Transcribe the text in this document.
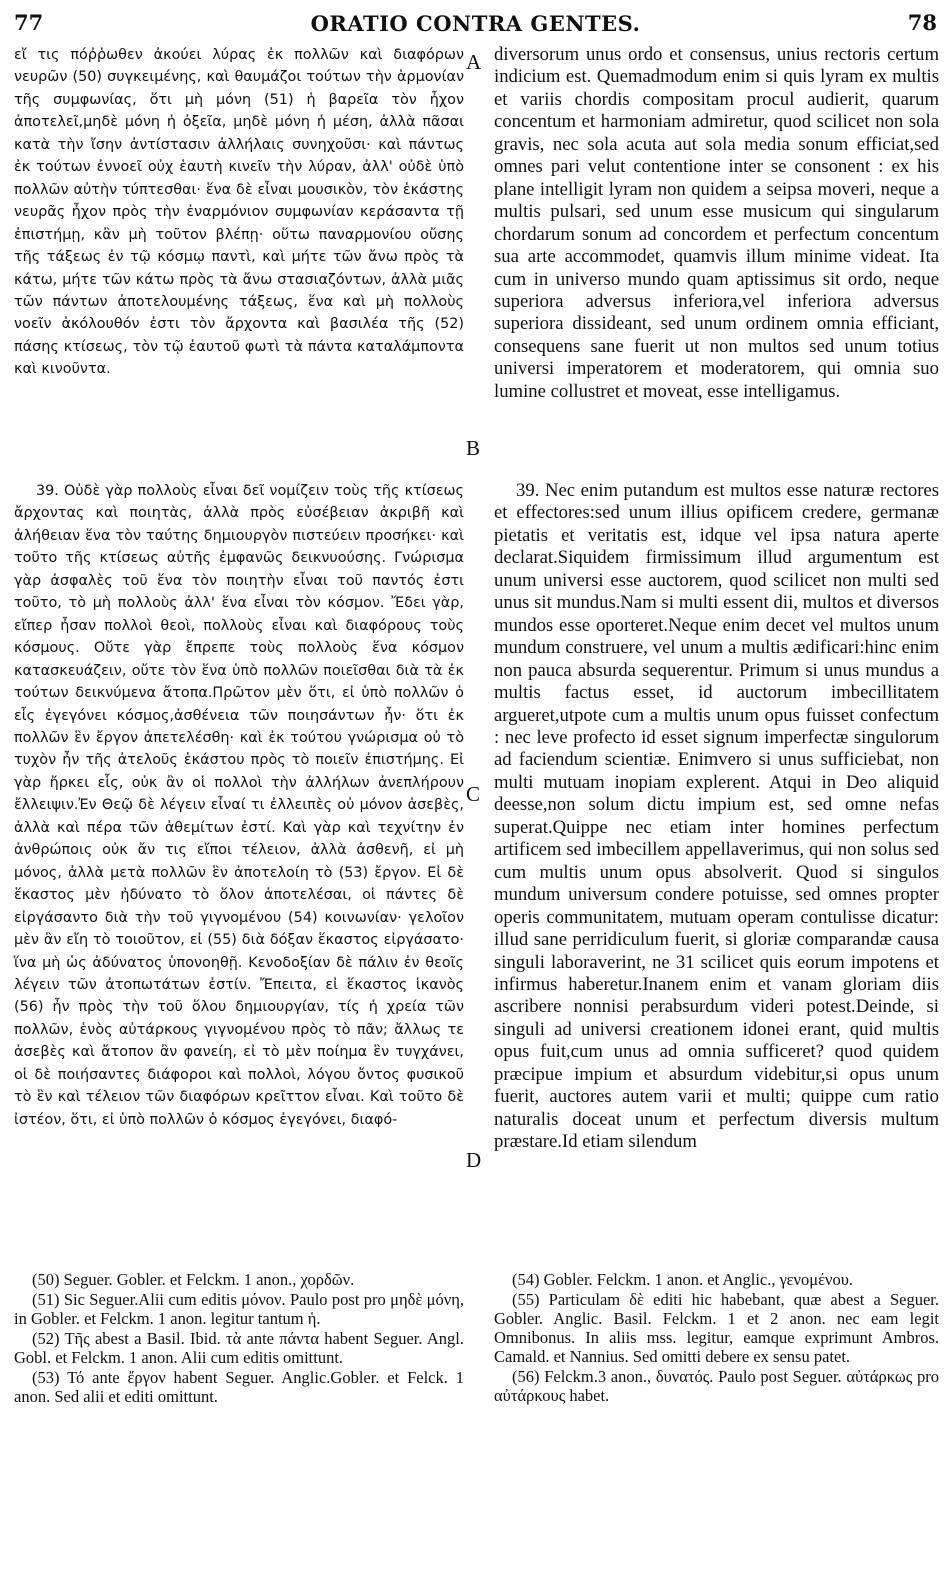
77	ORATIO CONTRA GENTES.	78

εἴ τις πόῤῥωθεν ἀκούει λύρας ἐκ πολλῶν καὶ διαφόρων νευρῶν (50) συγκειμένης, καὶ θαυμάζοι τούτων τὴν ἁρμονίαν τῆς συμφωνίας, ὅτι μὴ μόνη (51) ἡ βαρεῖα τὸν ἦχον ἀποτελεῖ,μηδὲ μόνη ἡ ὀξεῖα, μηδὲ μόνη ἡ μέση, ἀλλὰ πᾶσαι κατὰ τὴν ἴσην ἀντίστασιν ἀλλήλαις συνηχοῦσι· καὶ πάντως ἐκ τούτων ἐννοεῖ οὐχ ἑαυτὴ κινεῖν τὴν λύραν, ἀλλ' οὐδὲ ὑπὸ πολλῶν αὐτὴν τύπτεσθαι· ἕνα δὲ εἶναι μουσικὸν, τὸν ἑκάστης νευρᾶς ἦχον πρὸς τὴν ἐναρμόνιον συμφωνίαν κεράσαντα τῇ ἐπιστήμῃ, κἂν μὴ τοῦτον βλέπῃ· οὕτω παναρμονίου οὔσης τῆς τάξεως ἐν τῷ κόσμῳ παντὶ, καὶ μήτε τῶν ἄνω πρὸς τὰ κάτω, μήτε τῶν κάτω πρὸς τὰ ἄνω στασιαζόντων, ἀλλὰ μιᾶς τῶν πάντων ἀποτελουμένης τάξεως, ἕνα καὶ μὴ πολλοὺς νοεῖν ἀκόλουθόν ἐστι τὸν ἄρχοντα καὶ βασιλέα τῆς (52) πάσης κτίσεως, τὸν τῷ ἑαυτοῦ φωτὶ τὰ πάντα καταλάμποντα καὶ κινοῦντα.

39. Οὐδὲ γὰρ πολλοὺς εἶναι δεῖ νομίζειν τοὺς τῆς κτίσεως ἄρχοντας καὶ ποιητὰς, ἀλλὰ πρὸς εὐσέβειαν ἀκριβῆ καὶ ἀλήθειαν ἕνα τὸν ταύτης δημιουργὸν πιστεύειν προσήκει· καὶ τοῦτο τῆς κτίσεως αὐτῆς ἐμφανῶς δεικνυούσης. Γνώρισμα γὰρ ἀσφαλὲς τοῦ ἕνα τὸν ποιητὴν εἶναι τοῦ παντός ἐστι τοῦτο, τὸ μὴ πολλοὺς ἀλλ' ἕνα εἶναι τὸν κόσμον. Ἔδει γὰρ, εἴπερ ἦσαν πολλοὶ θεοὶ, πολλοὺς εἶναι καὶ διαφόρους τοὺς κόσμους. Οὔτε γὰρ ἔπρεπε τοὺς πολλοὺς ἕνα κόσμον κατασκευάζειν, οὔτε τὸν ἕνα ὑπὸ πολλῶν ποιεῖσθαι διὰ τὰ ἐκ τούτων δεικνύμενα ἄτοπα.Πρῶτον μὲν ὅτι, εἰ ὑπὸ πολλῶν ὁ εἷς ἐγεγόνει κόσμος,ἀσθένεια τῶν ποιησάντων ἦν· ὅτι ἐκ πολλῶν ἓν ἔργον ἀπετελέσθη· καὶ ἐκ τούτου γνώρισμα οὐ τὸ τυχὸν ἦν τῆς ἀτελοῦς ἑκάστου πρὸς τὸ ποιεῖν ἐπιστήμης. Εἰ γὰρ ἤρκει εἷς, οὐκ ἂν οἱ πολλοὶ τὴν ἀλλήλων ἀνεπλήρουν ἔλλειψιν.Ἐν Θεῷ δὲ λέγειν εἶναί τι ἐλλειπὲς οὐ μόνον ἀσεβὲς, ἀλλὰ καὶ πέρα τῶν ἀθεμίτων ἐστί. Καὶ γὰρ καὶ τεχνίτην ἐν ἀνθρώποις οὐκ ἄν τις εἴποι τέλειον, ἀλλὰ ἀσθενῆ, εἰ μὴ μόνος, ἀλλὰ μετὰ πολλῶν ἓν ἀποτελοίη τὸ (53) ἔργον. Εἰ δὲ ἕκαστος μὲν ἠδύνατο τὸ ὅλον ἀποτελέσαι, οἱ πάντες δὲ εἰργάσαντο διὰ τὴν τοῦ γιγνομένου (54) κοινωνίαν· γελοῖον μὲν ἂν εἴη τὸ τοιοῦτον, εἰ (55) διὰ δόξαν ἕκαστος εἰργάσατο· ἵνα μὴ ὡς ἀδύνατος ὑπονοηθῇ. Κενοδοξίαν δὲ πάλιν ἐν θεοῖς λέγειν τῶν ἀτοπωτάτων ἐστίν. Ἔπειτα, εἰ ἕκαστος ἱκανὸς (56) ἦν πρὸς τὴν τοῦ ὅλου δημιουργίαν, τίς ἡ χρεία τῶν πολλῶν, ἑνὸς αὐτάρκους γιγνομένου πρὸς τὸ πᾶν; ἄλλως τε ἀσεβὲς καὶ ἄτοπον ἂν φανείη, εἰ τὸ μὲν ποίημα ἓν τυγχάνει, οἱ δὲ ποιήσαντες διάφοροι καὶ πολλοὶ, λόγου ὄντος φυσικοῦ τὸ ἓν καὶ τέλειον τῶν διαφόρων κρεῖττον εἶναι. Καὶ τοῦτο δὲ ἰστέον, ὅτι, εἰ ὑπὸ πολλῶν ὁ κόσμος ἐγεγόνει, διαφό-

diversorum unus ordo et consensus, unius rectoris certum indicium est. Quemadmodum enim si quis lyram ex multis et variis chordis compositam procul audierit, quarum concentum et harmoniam admiretur, quod scilicet non sola gravis, nec sola acuta aut sola media sonum efficiat,sed omnes pari velut contentione inter se consonent : ex his plane intelligit lyram non quidem a seipsa moveri, neque a multis pulsari, sed unum esse musicum qui singularum chordarum sonum ad concordem et perfectum concentum sua arte accommodet, quamvis illum minime videat. Ita cum in universo mundo quam aptissimus sit ordo, neque superiora adversus inferiora,vel inferiora adversus superiora dissideant, sed unum ordinem omnia efficiant, consequens sane fuerit ut non multos sed unum totius universi imperatorem et moderatorem, qui omnia suo lumine collustret et moveat, esse intelligamus.

39. Nec enim putandum est multos esse naturæ rectores et effectores:sed unum illius opificem credere, germanæ pietatis et veritatis est, idque vel ipsa natura aperte declarat.Siquidem firmissimum illud argumentum est unum universi esse auctorem, quod scilicet non multi sed unus sit mundus.Nam si multi essent dii, multos et diversos mundos esse oporteret.Neque enim decet vel multos unum mundum construere, vel unum a multis ædificari:hinc enim non pauca absurda sequerentur. Primum si unus mundus a multis factus esset, id auctorum imbecillitatem argueret,utpote cum a multis unum opus fuisset confectum : nec leve profecto id esset signum imperfectæ singulorum ad faciendum scientiæ. Enimvero si unus sufficiebat, non multi mutuam inopiam explerent. Atqui in Deo aliquid deesse,non solum dictu impium est, sed omne nefas superat.Quippe nec etiam inter homines perfectum artificem sed imbecillem appellaverimus, qui non solus sed cum multis unum opus absolverit. Quod si singulos mundum universum condere potuisse, sed omnes propter operis communitatem, mutuam operam contulisse dicatur: illud sane perridiculum fuerit, si gloriæ comparandæ causa singuli laboraverint, ne 31 scilicet quis eorum impotens et infirmus haberetur.Inanem enim et vanam gloriam diis ascribere nonnisi perabsurdum videri potest.Deinde, si singuli ad universi creationem idonei erant, quid multis opus fuit,cum unus ad omnia sufficeret? quod quidem præcipue impium et absurdum videbitur,si opus unum fuerit, auctores autem varii et multi; quippe cum ratio naturalis doceat unum et perfectum diversis multum præstare.Id etiam silendum

A
B
C
D

(50) Seguer. Gobler. et Felckm. 1 anon., χορδῶν.

(51) Sic Seguer.Alii cum editis μόνον. Paulo post pro μηδὲ μόνη, in Gobler. et Felckm. 1 anon. legitur tantum ἡ.

(52) Τῆς abest a Basil. Ibid. τὰ ante πάντα habent Seguer. Angl. Gobl. et Felckm. 1 anon. Alii cum editis omittunt.

(53) Τό ante ἔργον habent Seguer. Anglic.Gobler. et Felck. 1 anon. Sed alii et editi omittunt.

(54) Gobler. Felckm. 1 anon. et Anglic., γενομένου.

(55) Particulam δὲ editi hic habebant, quæ abest a Seguer. Gobler. Anglic. Basil. Felckm. 1 et 2 anon. nec eam legit Omnibonus. In aliis mss. legitur, eamque exprimunt Ambros. Camald. et Nannius. Sed omitti debere ex sensu patet.

(56) Felckm.3 anon., δυνατός. Paulo post Seguer. αὐτάρκως pro αὐτάρκους habet.
